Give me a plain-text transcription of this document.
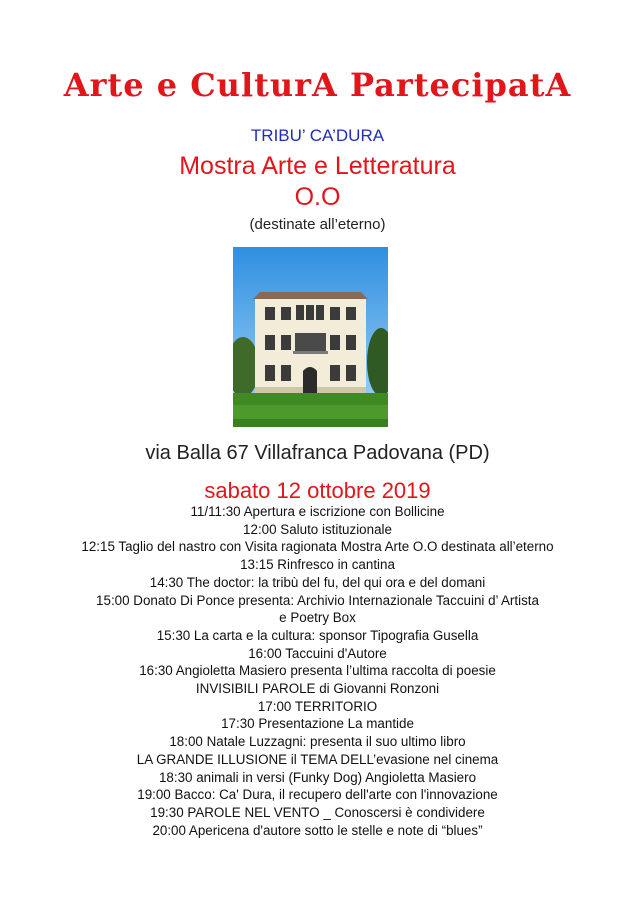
Arte e CulturA PartecipatA
TRIBU’ CA’DURA
Mostra Arte e Letteratura
O.O
(destinate all’eterno)
via Balla 67 Villafranca Padovana (PD)
sabato 12 ottobre 2019
11/11:30 Apertura e iscrizione con Bollicine
12:00 Saluto istituzionale
12:15 Taglio del nastro con Visita ragionata Mostra Arte O.O destinata all’eterno
13:15 Rinfresco in cantina
14:30 The doctor: la tribù del fu, del qui ora e del domani
15:00 Donato Di Ponce presenta: Archivio Internazionale Taccuini d’ Artista
e Poetry Box
15:30 La carta e la cultura: sponsor Tipografia Gusella
16:00 Taccuini d'Autore
16:30 Angioletta Masiero presenta l’ultima raccolta di poesie
INVISIBILI PAROLE di Giovanni Ronzoni
17:00 TERRITORIO
17:30 Presentazione La mantide
18:00 Natale Luzzagni: presenta il suo ultimo libro
LA GRANDE ILLUSIONE il TEMA DELL’evasione nel cinema
18:30 animali in versi (Funky Dog) Angioletta Masiero
19:00 Bacco: Ca' Dura, il recupero dell'arte con l'innovazione
19:30 PAROLE NEL VENTO _ Conoscersi è condividere
20:00 Apericena d'autore sotto le stelle e note di “blues”
